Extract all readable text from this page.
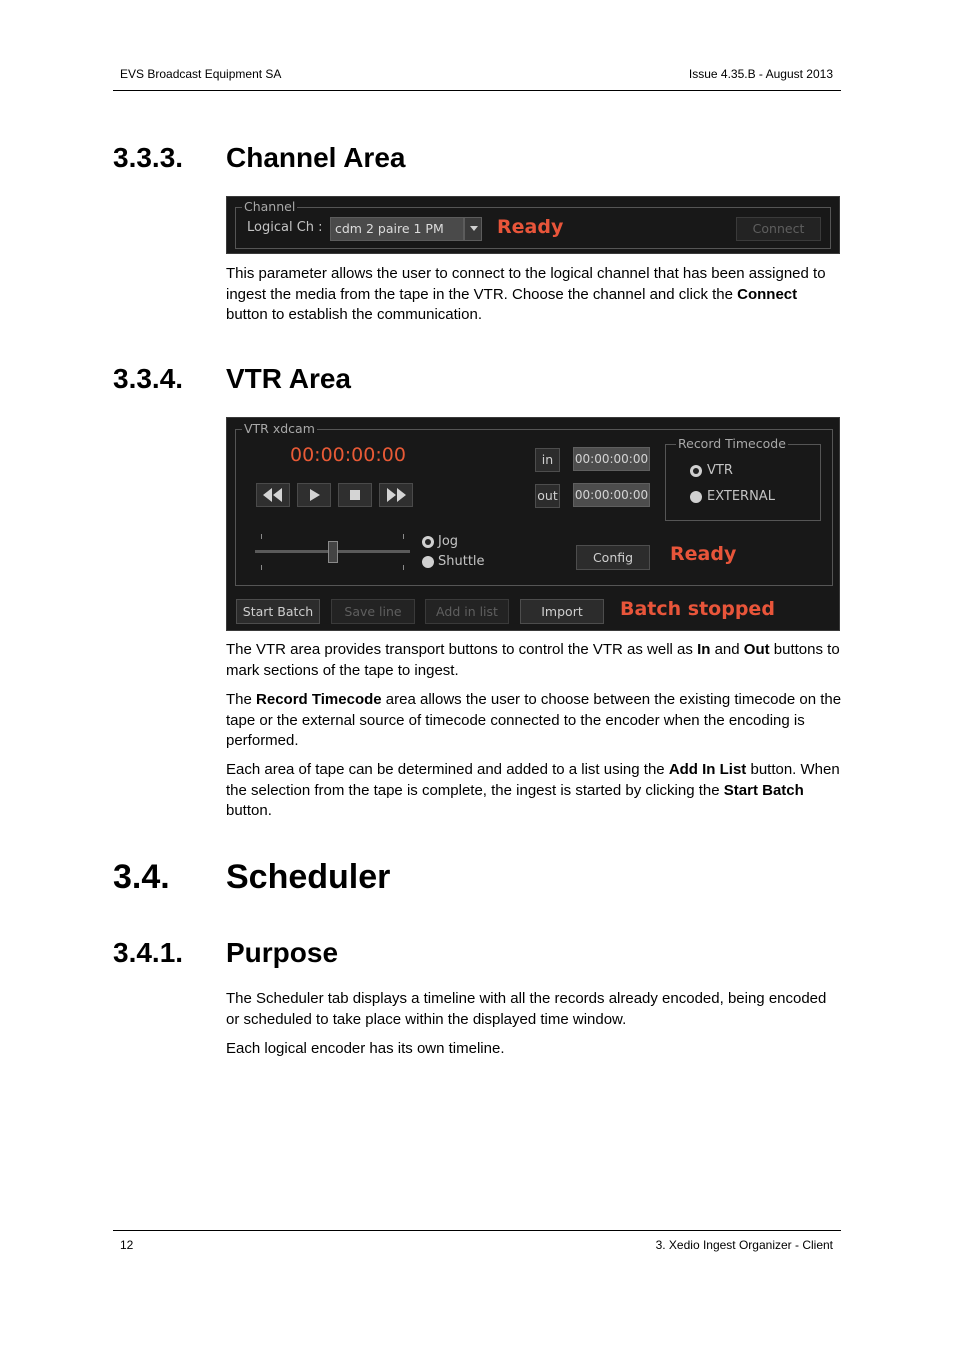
EVS Broadcast Equipment SA	Issue 4.35.B - August 2013
3.3.3. Channel Area
Channel
Logical Ch : cdm 2 paire 1 PM	Ready	Connect

This parameter allows the user to connect to the logical channel that has been assigned to ingest the media from the tape in the VTR. Choose the channel and click the Connect button to establish the communication.

3.3.4. VTR Area
VTR xdcam
00:00:00:00	in	00:00:00:00
out 00:00:00:00
Record Timecode
VTR
EXTERNAL
Jog
Shuttle	Config	Ready
Start Batch	Save line	Add in list	Import	Batch stopped

The VTR area provides transport buttons to control the VTR as well as In and Out buttons to mark sections of the tape to ingest.

The Record Timecode area allows the user to choose between the existing timecode on the tape or the external source of timecode connected to the encoder when the encoding is performed.

Each area of tape can be determined and added to a list using the Add In List button. When the selection from the tape is complete, the ingest is started by clicking the Start Batch button.

3.4. Scheduler
3.4.1. Purpose

The Scheduler tab displays a timeline with all the records already encoded, being encoded or scheduled to take place within the displayed time window.

Each logical encoder has its own timeline.

12	3. Xedio Ingest Organizer - Client
